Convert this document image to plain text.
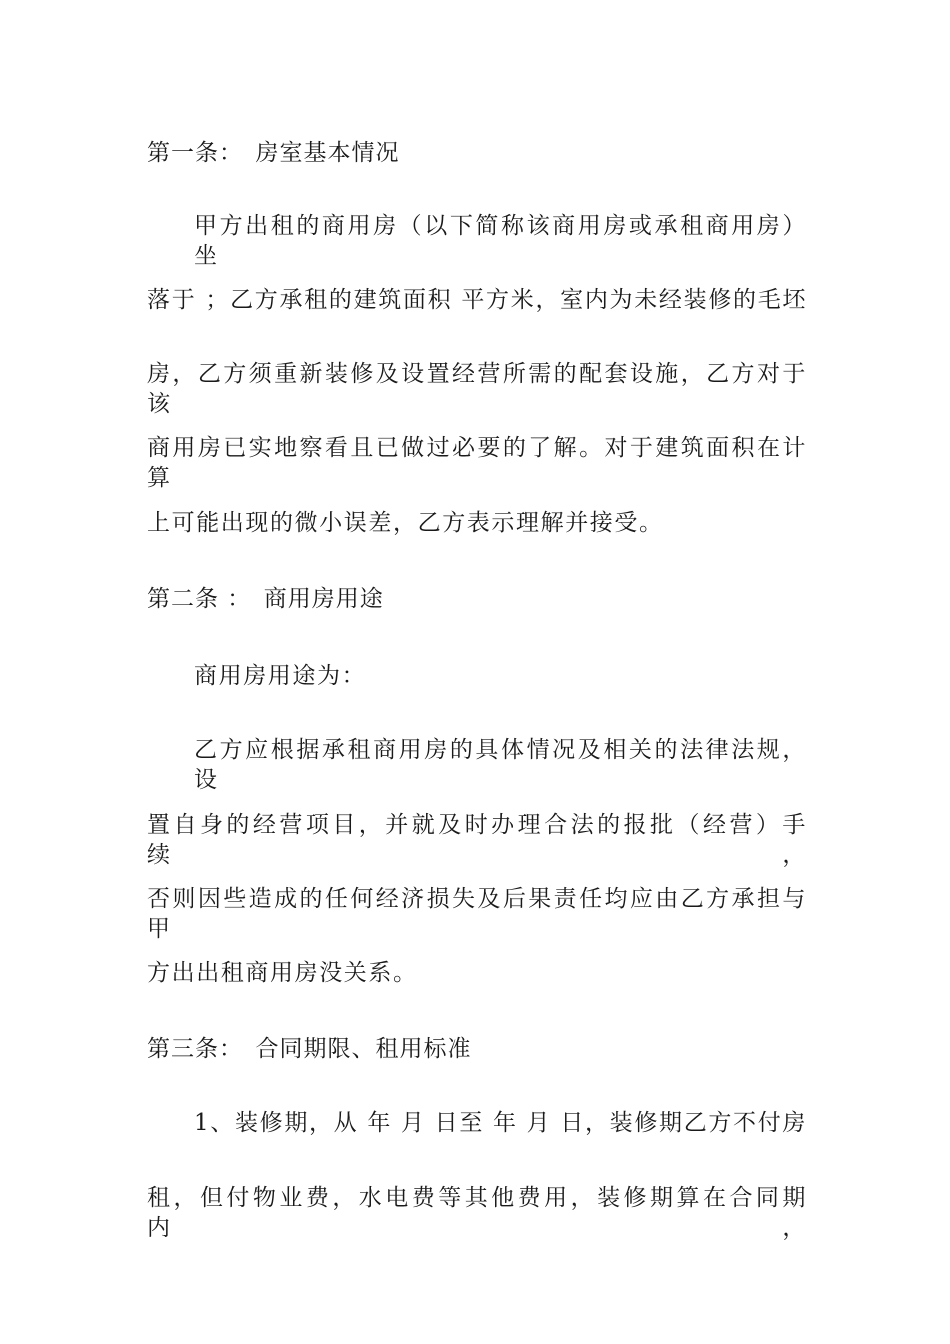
第一条：　房室基本情况
甲方出租的商用房（以下简称该商用房或承租商用房）坐
落于 ；乙方承租的建筑面积 平方米，室内为未经装修的毛坯
房，乙方须重新装修及设置经营所需的配套设施，乙方对于该
商用房已实地察看且已做过必要的了解。对于建筑面积在计算
上可能出现的微小误差，乙方表示理解并接受。
第二条 ：　商用房用途
商用房用途为：
乙方应根据承租商用房的具体情况及相关的法律法规，设
置自身的经营项目，并就及时办理合法的报批（经营）手续，
否则因些造成的任何经济损失及后果责任均应由乙方承担与甲
方出出租商用房没关系。
第三条：　合同期限、租用标准
1、装修期，从 年 月 日至 年 月 日，装修期乙方不付房
租，但付物业费，水电费等其他费用，装修期算在合同期内，
